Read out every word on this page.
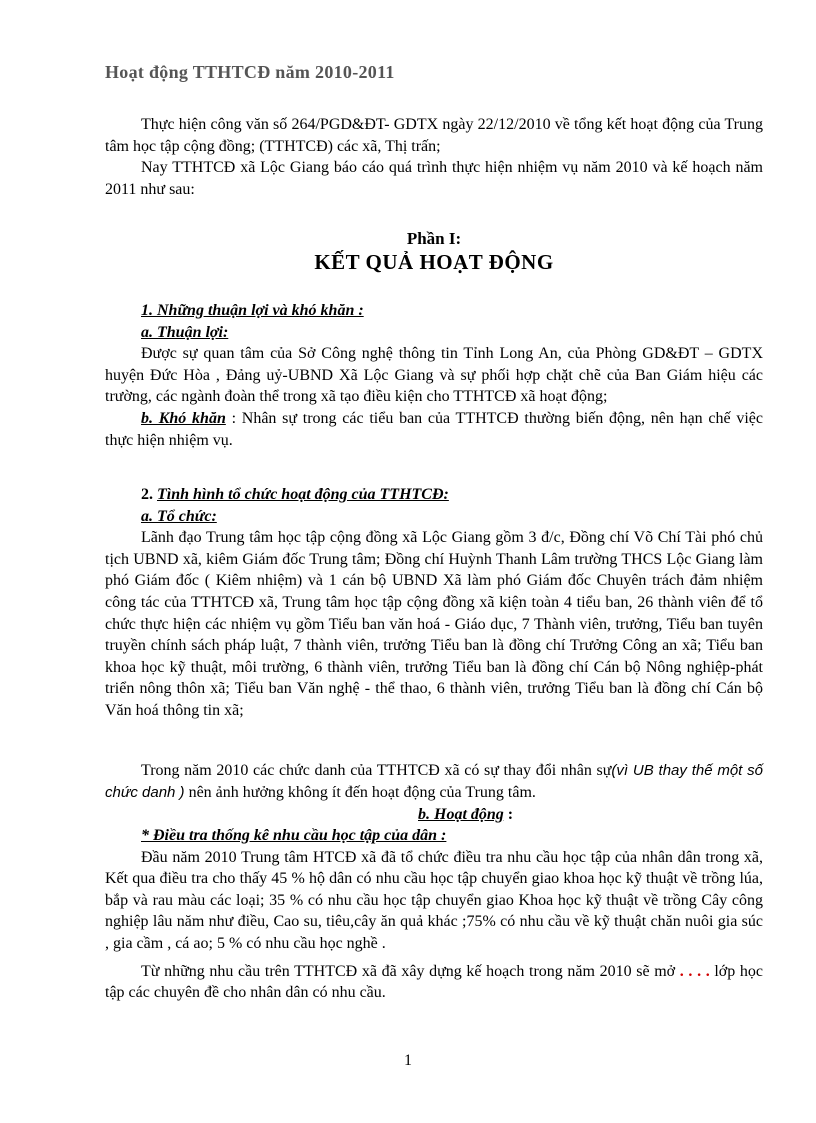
Hoạt động TTHTCĐ năm 2010-2011

Thực hiện công văn số 264/PGD&ĐT- GDTX ngày 22/12/2010 về tổng kết hoạt động của Trung tâm học tập cộng đồng; (TTHTCĐ) các xã, Thị trấn;

Nay TTHTCĐ xã Lộc Giang báo cáo quá trình thực hiện nhiệm vụ năm 2010 và kế hoạch năm 2011 như sau:

Phần I:

KẾT QUẢ HOẠT ĐỘNG

1. Những thuận lợi và khó khăn :

a. Thuận lợi:

Được sự quan tâm của Sở Công nghệ thông tin Tỉnh Long An, của Phòng GD&ĐT – GDTX huyện Đức Hòa , Đảng uỷ-UBND Xã Lộc Giang và sự phối hợp chặt chẽ của Ban Giám hiệu các trường, các ngành đoàn thể trong xã tạo điều kiện cho TTHTCĐ xã hoạt động;

b. Khó khăn : Nhân sự trong các tiểu ban của TTHTCĐ thường biến động, nên hạn chế việc thực hiện nhiệm vụ.

2. Tình hình tổ chức hoạt động của TTHTCĐ:

a. Tổ chức:

Lãnh đạo Trung tâm học tập cộng đồng xã Lộc Giang gồm 3 đ/c, Đồng chí Võ Chí Tài phó chủ tịch UBND xã, kiêm Giám đốc Trung tâm; Đồng chí Huỳnh Thanh Lâm trường THCS Lộc Giang làm phó Giám đốc ( Kiêm nhiệm) và 1 cán bộ UBND Xã làm phó Giám đốc Chuyên trách đảm nhiệm công tác của TTHTCĐ xã, Trung tâm học tập cộng đồng xã kiện toàn 4 tiểu ban, 26 thành viên để tổ chức thực hiện các nhiệm vụ gồm Tiểu ban văn hoá - Giáo dục, 7 Thành viên, trưởng, Tiểu ban tuyên truyền chính sách pháp luật, 7 thành viên, trưởng Tiểu ban là đồng chí Trưởng Công an xã; Tiểu ban khoa học kỹ thuật, môi trường, 6 thành viên, trưởng Tiểu ban là đồng chí Cán bộ Nông nghiệp-phát triển nông thôn xã; Tiểu ban Văn nghệ - thể thao, 6 thành viên, trưởng Tiểu ban là đồng chí Cán bộ Văn hoá thông tin xã;

Trong năm 2010 các chức danh của TTHTCĐ xã có sự thay đổi nhân sự(vì UB thay thế một số chức danh ) nên ảnh hưởng không ít đến hoạt động của Trung tâm.

b. Hoạt động :

* Điều tra thống kê nhu cầu học tập của dân :

Đầu năm 2010 Trung tâm HTCĐ xã đã tổ chức điều tra nhu cầu học tập của nhân dân trong xã, Kết qua điều tra cho thấy 45 % hộ dân có nhu cầu học tập chuyển giao khoa học kỹ thuật về trồng lúa, bắp và rau màu các loại; 35 % có nhu cầu học tập chuyển giao Khoa học kỹ thuật về trồng Cây công nghiệp lâu năm như điều, Cao su, tiêu,cây ăn quả khác ;75% có nhu cầu về kỹ thuật chăn nuôi gia súc , gia cầm , cá ao; 5 % có nhu cầu học nghề .

Từ những nhu cầu trên TTHTCĐ xã đã xây dựng kế hoạch trong năm 2010 sẽ mở . . . . lớp học tập các chuyên đề cho nhân dân có nhu cầu.

1
